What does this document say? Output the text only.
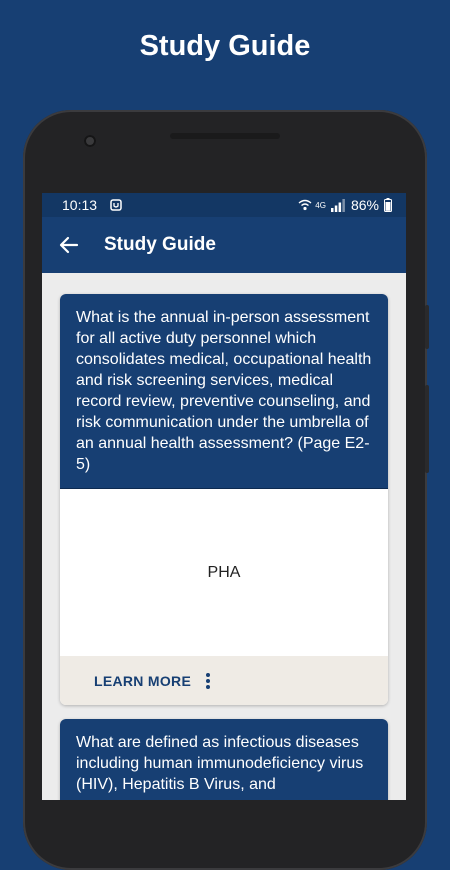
Study Guide
10:13	4G 86%
Study Guide
What is the annual in-person assessment for all active duty personnel which consolidates medical, occupational health and risk screening services, medical record review, preventive counseling, and risk communication under the umbrella of an annual health assessment? (Page E2-5)
PHA
LEARN MORE
What are defined as infectious diseases including human immunodeficiency virus (HIV), Hepatitis B Virus, and
